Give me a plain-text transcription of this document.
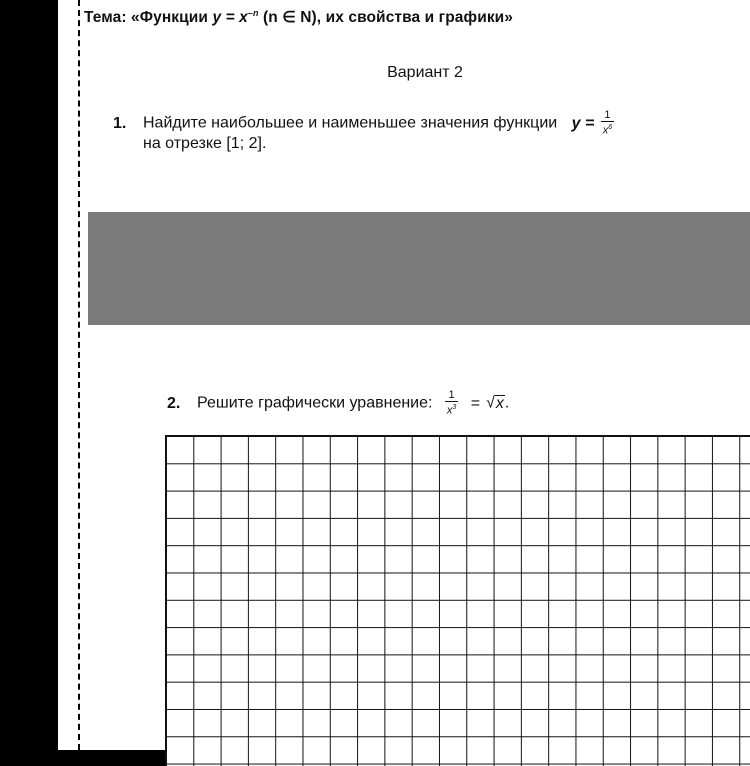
Тема: «Функции $y = x^{-n}$ (n ∈ N), их свойства и графики»
Вариант 2
1. Найдите наибольшее и наименьшее значения функции $y = \frac{1}{x^6}$
на отрезке [1; 2].
2. Решите графически уравнение: $\frac{1}{x^3} = √x$.
